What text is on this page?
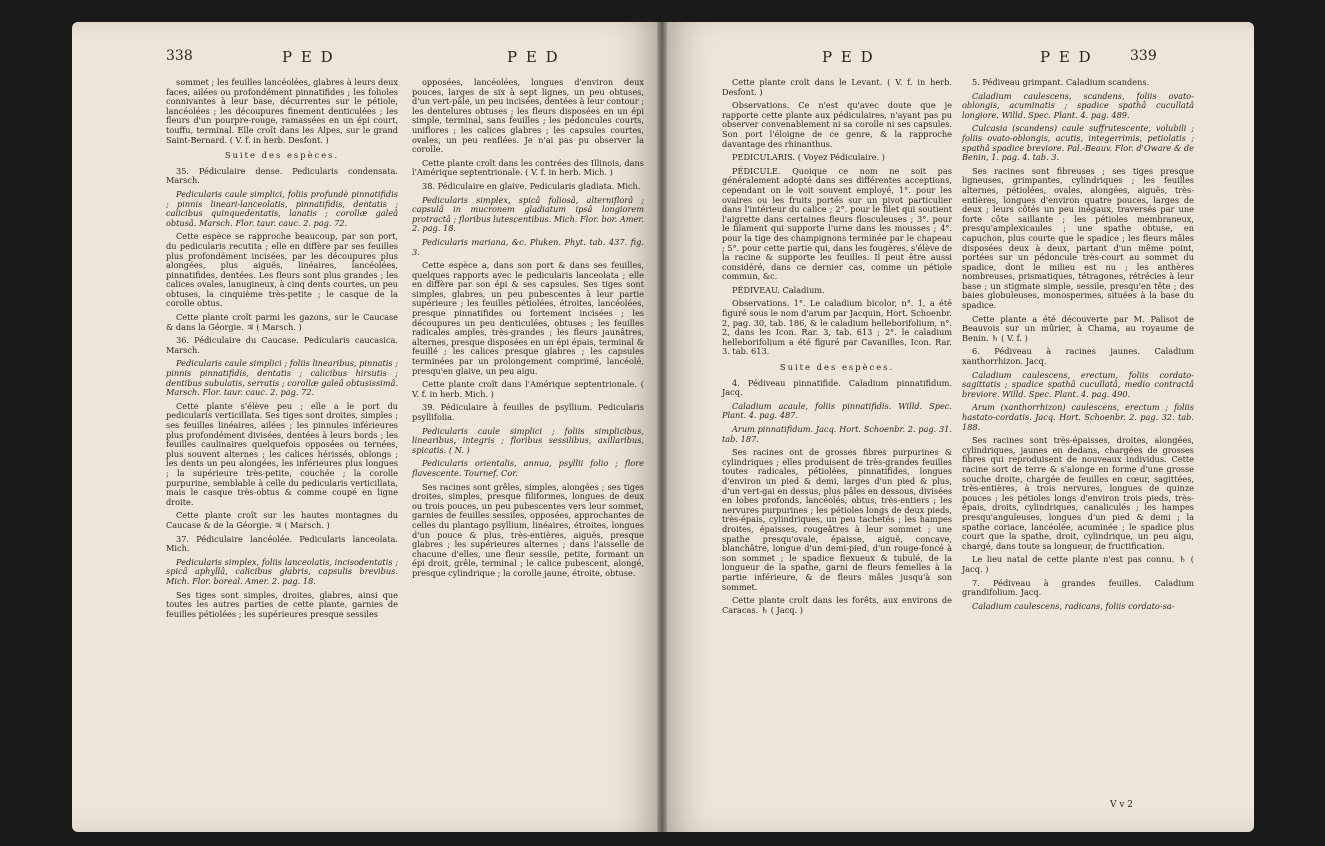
338	P E D	P E D	P E D	P E D	339

sommet ; les feuilles lancéolées, glabres à leurs deux faces, ailées ou profondément pinnatifides ; les folioles connivantes à leur base, décurrentes sur le pétiole, lancéolées ; les découpures finement denticulées ; les fleurs d'un pourpre-rouge, ramassées en un épi court, touffu, terminal. Elle croît dans les Alpes, sur le grand Saint-Bernard. ( V. f. in herb. Desfont. )

Suite des espèces.

35. Pédiculaire dense. Pedicularis condensata. Marsch.

Pedicularis caule simplici, foliis profundè pinnatifidis ; pinnis lineari-lanceolatis, pinnatifidis, dentatis ; calicibus quinquedentatis, lanatis ; corollæ galeâ obtusâ. Marsch. Flor. taur. cauc. 2. pag. 72.

Cette espèce se rapproche beaucoup, par son port, du pedicularis recutita ; elle en diffère par ses feuilles plus profondément incisées, par les découpures plus alongées, plus aiguës, linéaires, lancéolées, pinnatifides, dentées. Les fleurs sont plus grandes ; les calices ovales, lanugineux, à cinq dents courtes, un peu obtuses, la cinquième très-petite ; le casque de la corolle obtus.

Cette plante croît parmi les gazons, sur le Caucase & dans la Géorgie. ♃ ( Marsch. )

36. Pédiculaire du Caucase. Pedicularis caucasica. Marsch.

Pedicularis caule simplici ; foliis linearibus, pinnatis ; pinnis pinnatifidis, dentatis ; calicibus hirsutis ; dentibus subulatis, serratis ; corollæ galeâ obtusissimâ. Marsch. Flor. taur. cauc. 2. pag. 72.

Cette plante s'élève peu ; elle a le port du pedicularis verticillata. Ses tiges sont droites, simples ; ses feuilles linéaires, ailées ; les pinnules inférieures plus profondément divisées, dentées à leurs bords ; les feuilles caulinaires quelquefois opposées ou ternées, plus souvent alternes ; les calices hérissés, oblongs ; les dents un peu alongées, les inférieures plus longues ; la supérieure très-petite, couchée ; la corolle purpurine, semblable à celle du pedicularis verticillata, mais le casque très-obtus & comme coupé en ligne droite.

Cette plante croît sur les hautes montagnes du Caucase & de la Géorgie. ♃ ( Marsch. )

37. Pédiculaire lancéolée. Pedicularis lanceolata. Mich.

Pedicularis simplex, foliis lanceolatis, incisodentatis ; spicâ aphyllâ, calicibus glabris, capsulis brevibus. Mich. Flor. boreal. Amer. 2. pag. 18.

Ses tiges sont simples, droites, glabres, ainsi que toutes les autres parties de cette plante, garnies de feuilles pétiolées ; les supérieures presque sessiles

opposées, lancéolées, longues d'environ deux pouces, larges de six à sept lignes, un peu obtuses, d'un vert-pâle, un peu incisées, dentées à leur contour ; les dentelures obtuses ; les fleurs disposées en un épi simple, terminal, sans feuilles ; les pédoncules courts, uniflores ; les calices glabres ; les capsules courtes, ovales, un peu renflées. Je n'ai pas pu observer la corolle.

Cette plante croît dans les contrées des Illinois, dans l'Amérique septentrionale. ( V. f. in herb. Mich. )

38. Pédiculaire en glaive. Pedicularis gladiata. Mich.

Pedicularis simplex, spicâ foliosâ, alterniflorâ ; capsulâ in mucronem gladiatum ipsâ longiorem protractâ ; floribus lutescentibus. Mich. Flor. bor. Amer. 2. pag. 18.

Pedicularis mariana, &c. Pluken. Phyt. tab. 437. fig. 3.

Cette espèce a, dans son port & dans ses feuilles, quelques rapports avec le pedicularis lanceolata ; elle en diffère par son épi & ses capsules. Ses tiges sont simples, glabres, un peu pubescentes à leur partie supérieure ; les feuilles pétiolées, étroites, lancéolées, presque pinnatifides ou fortement incisées ; les découpures un peu denticulées, obtuses ; les feuilles radicales amples, très-grandes ; les fleurs jaunâtres, alternes, presque disposées en un épi épais, terminal & feuillé ; les calices presque glabres ; les capsules terminées par un prolongement comprimé, lancéolé, presqu'en glaive, un peu aigu.

Cette plante croît dans l'Amérique septentrionale. ( V. f. in herb. Mich. )

39. Pédiculaire à feuilles de psyllium. Pedicularis psyllifolia.

Pedicularis caule simplici ; foliis simplicibus, linearibus, integris ; floribus sessilibus, axillaribus, spicatis. ( N. )

Pedicularis orientalis, annua, psyllii folio ; flore flavescente. Tournef. Cor.

Ses racines sont grêles, simples, alongées ; ses tiges droites, simples, presque filiformes, longues de deux ou trois pouces, un peu pubescentes vers leur sommet, garnies de feuilles sessiles, opposées, approchantes de celles du plantago psyllium, linéaires, étroites, longues d'un pouce & plus, très-entières, aiguës, presque glabres ; les supérieures alternes ; dans l'aisselle de chacune d'elles, une fleur sessile, petite, formant un épi droit, grêle, terminal ; le calice pubescent, alongé, presque cylindrique ; la corolle jaune, étroite, obtuse.

Cette plante croît dans le Levant. ( V. f. in herb. Desfont. )

Observations. Ce n'est qu'avec doute que je rapporte cette plante aux pédiculaires, n'ayant pas pu observer convenablement ni sa corolle ni ses capsules. Son port l'éloigne de ce genre, & la rapproche davantage des rhinanthus.

PEDICULARIS. ( Voyez Pédiculaire. )

PÉDICULE. Quoique ce nom ne soit pas généralement adopté dans ses différentes acceptions, cependant on le voit souvent employé, 1°. pour les ovaires ou les fruits portés sur un pivot particulier dans l'intérieur du calice ; 2°. pour le filet qui soutient l'aigrette dans certaines fleurs flosculeuses ; 3°. pour le filament qui supporte l'urne dans les mousses ; 4°. pour la tige des champignons terminée par le chapeau ; 5°. pour cette partie qui, dans les fougères, s'élève de la racine & supporte les feuilles. Il peut être aussi considéré, dans ce dernier cas, comme un pétiole commun, &c.

PÉDIVEAU. Caladium.

Observations. 1°. Le caladium bicolor, n°. 1, a été figuré sous le nom d'arum par Jacquin, Hort. Schoenbr. 2, pag. 30, tab. 186, & le caladium helleborifolium, n°. 2, dans les Icon. Rar. 3, tab. 613 ; 2°. le caladium helleborifolium a été figuré par Cavanilles, Icon. Rar. 3. tab. 613.

Suite des espèces.

4. Pédiveau pinnatifide. Caladium pinnatifidum. Jacq.

Caladium acaule, foliis pinnatifidis. Willd. Spec. Plant. 4. pag. 487.

Arum pinnatifidum. Jacq. Hort. Schoenbr. 2. pag. 31. tab. 187.

Ses racines ont de grosses fibres purpurines & cylindriques ; elles produisent de très-grandes feuilles toutes radicales, pétiolées, pinnatifides, longues d'environ un pied & demi, larges d'un pied & plus, d'un vert-gai en dessus, plus pâles en dessous, divisées en lobes profonds, lancéolés, obtus, très-entiers ; les nervures purpurines ; les pétioles longs de deux pieds, très-épais, cylindriques, un peu tachetés ; les hampes droites, épaisses, rougeâtres à leur sommet ; une spathe presqu'ovale, épaisse, aiguë, concave, blanchâtre, longue d'un demi-pied, d'un rouge-foncé à son sommet ; le spadice flexueux & tubulé, de la longueur de la spathe, garni de fleurs femelles à la partie inférieure, & de fleurs mâles jusqu'à son sommet.

Cette plante croît dans les forêts, aux environs de Caracas. ♄ ( Jacq. )

5. Pédiveau grimpant. Caladium scandens.

Caladium caulescens, scandens, foliis ovato-oblongis, acuminatis ; spadice spathâ cucullatâ longiore. Willd. Spec. Plant. 4. pag. 489.

Culcasia (scandens) caule suffrutescente, volubili ; foliis ovato-oblongis, acutis, integerrimis, petiolatis ; spathâ spadice breviore. Pal.-Beauv. Flor. d'Oware & de Benin, 1. pag. 4. tab. 3.

Ses racines sont fibreuses ; ses tiges presque ligneuses, grimpantes, cylindriques ; les feuilles alternes, pétiolées, ovales, alongées, aiguës, très-entières, longues d'environ quatre pouces, larges de deux ; leurs côtés un peu inégaux, traversés par une forte côte saillante ; les pétioles membraneux, presqu'amplexicaules ; une spathe obtuse, en capuchon, plus courte que le spadice ; les fleurs mâles disposées deux à deux, partant d'un même point, portées sur un pédoncule très-court au sommet du spadice, dont le milieu est nu ; les anthères nombreuses, prismatiques, tétragones, rétrécies à leur base ; un stigmate simple, sessile, presqu'en tête ; des baies globuleuses, monospermes, situées à la base du spadice.

Cette plante a été découverte par M. Palisot de Beauvois sur un mûrier, à Chama, au royaume de Benin. ♄ ( V. f. )

6. Pédiveau à racines jaunes. Caladium xanthorrhizon. Jacq.

Caladium caulescens, erectum, foliis cordato-sagittatis ; spadice spathâ cucullatâ, medio contractâ breviore. Willd. Spec. Plant. 4. pag. 490.

Arum (xanthorrhizon) caulescens, erectum ; foliis hastato-cordatis. Jacq. Hort. Schoenbr. 2. pag. 32. tab. 188.

Ses racines sont très-épaisses, droites, alongées, cylindriques, jaunes en dedans, chargées de grosses fibres qui reproduisent de nouveaux individus. Cette racine sort de terre & s'alonge en forme d'une grosse souche droite, chargée de feuilles en cœur, sagittées, très-entières, à trois nervures, longues de quinze pouces ; les pétioles longs d'environ trois pieds, très-épais, droits, cylindriques, canaliculés ; les hampes presqu'anguleuses, longues d'un pied & demi ; la spathe coriace, lancéolée, acuminée ; le spadice plus court que la spathe, droit, cylindrique, un peu aigu, chargé, dans toute sa longueur, de fructification.

Le lieu natal de cette plante n'est pas connu. ♄ ( Jacq. )

7. Pédiveau à grandes feuilles. Caladium grandifolium. Jacq.

Caladium caulescens, radicans, foliis cordato-sa-

V v 2
